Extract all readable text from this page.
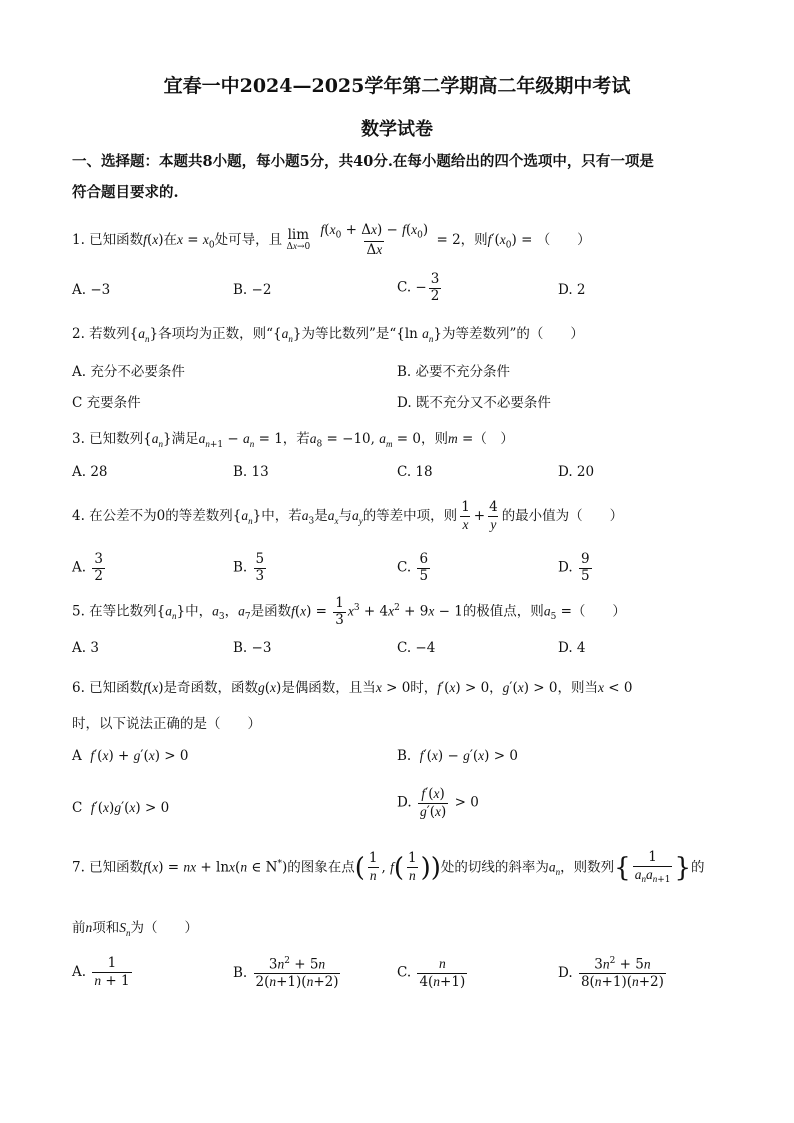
宜春一中2024—2025学年第二学期高二年级期中考试
数学试卷
一、选择题：本题共8小题，每小题5分，共40分.在每小题给出的四个选项中，只有一项是
符合题目要求的.
1. 已知函数f(x)在$x = x_0$处可导，且 lim
Δx→0
$\frac{f(x_0 + \Delta x) - f(x_0)}{\Delta x} = 2$，则$f'(x_0)$ = （　　）
A. −3	B. −2	C. − $\frac{3}{2}$	D. 2
2. 若数列$\{a_n\}$各项均为正数，则“$\{a_n\}$为等比数列”是“{ln $a_n$}为等差数列”的（　　）
A. 充分不必要条件	B. 必要不充分条件
C 充要条件	D. 既不充分又不必要条件
3. 已知数列$\{a_n\}$满足$a_{n+1} - a_n = 1$，若$a_8 = -10$, $a_m = 0$，则m =（　）
A. 28	B. 13	C. 18	D. 20
4. 在公差不为0的等差数列$\{a_n\}$中，若$a_3$是$a_x$与$a_y$的等差中项，则 $\frac{1}{x} + \frac{4}{y}$ 的最小值为（　　）
A. $\frac{3}{2}$	B. $\frac{5}{3}$	C. $\frac{6}{5}$	D. $\frac{9}{5}$
5. 在等比数列$\{a_n\}$中，$a_3$，$a_7$是函数$f(x) = \frac{1}{3} x^3 + 4x^2 + 9x - 1$的极值点，则$a_5$ =（　　）
A. 3	B. −3	C. −4	D. 4
6. 已知函数f(x)是奇函数，函数g(x)是偶函数，且当x > 0时，f′(x) > 0，g′(x) > 0，则当x < 0
时，以下说法正确的是（　　）
A  f′(x) + g′(x) > 0	B.  f′(x) − g′(x) > 0
C  f′(x)g′(x) > 0	D. $\frac{f'(x)}{g'(x)} > 0$
7. 已知函数f(x) = nx + lnx(n ∈ N*)的图象在点( $\frac{1}{n}$ , $f( \frac{1}{n}$ ))处的切线的斜率为$a_n$，则数列{ $\frac{1}{a_na_{n+1}}$ }的
前n项和$S_n$为（　　）
A. $\frac{1}{n + 1}$	B. $\frac{3n^2 + 5n}{2(n+1)(n+2)}$	C. $\frac{n}{4(n+1)}$	D. $\frac{3n^2 + 5n}{8(n+1)(n+2)}$
